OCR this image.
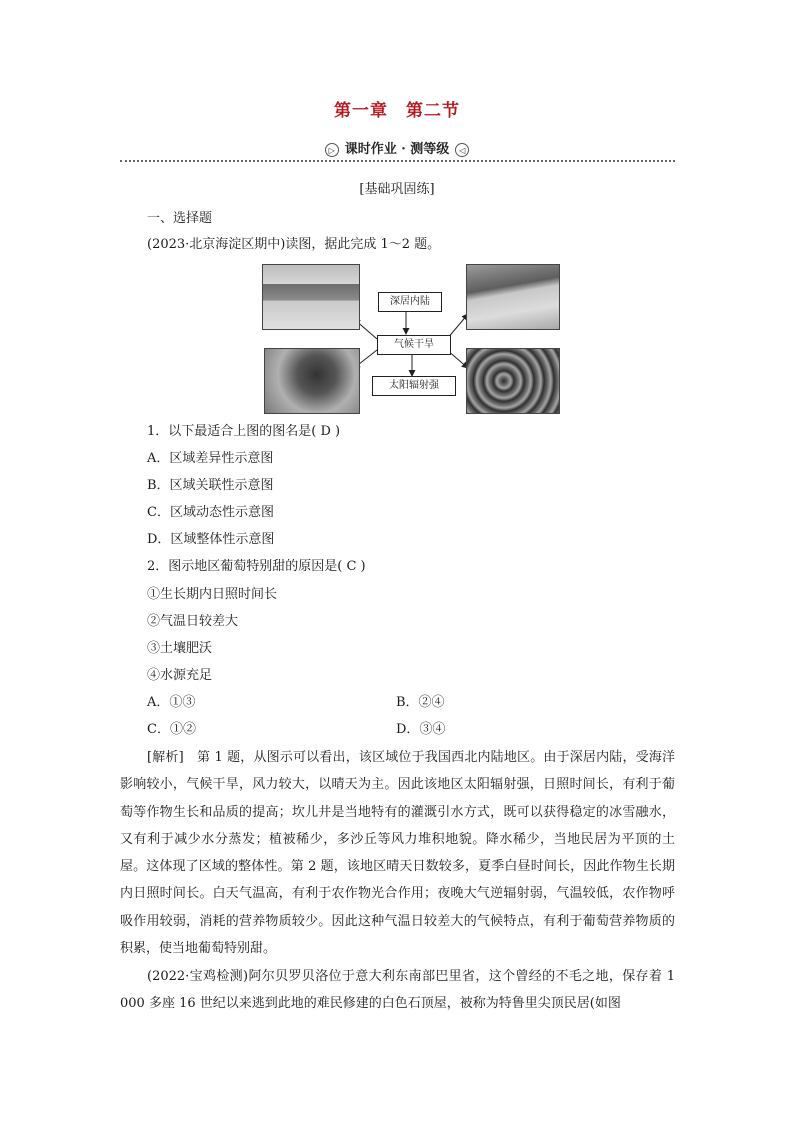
第一章　第二节
▷ 课时作业 · 测等级 ◁
[基础巩固练]
一、选择题
(2023·北京海淀区期中)读图，据此完成 1～2 题。
深居内陆
气候干旱
太阳辐射强
1．以下最适合上图的图名是( D )
A．区域差异性示意图
B．区域关联性示意图
C．区域动态性示意图
D．区域整体性示意图
2．图示地区葡萄特别甜的原因是( C )
①生长期内日照时间长
②气温日较差大
③土壤肥沃
④水源充足
A．①③	B．②④
C．①②	D．③④
[解析]　第 1 题，从图示可以看出，该区域位于我国西北内陆地区。由于深居内陆，受海洋影响较小，气候干旱，风力较大，以晴天为主。因此该地区太阳辐射强，日照时间长，有利于葡萄等作物生长和品质的提高；坎儿井是当地特有的灌溉引水方式，既可以获得稳定的冰雪融水，又有利于减少水分蒸发；植被稀少，多沙丘等风力堆积地貌。降水稀少，当地民居为平顶的土屋。这体现了区域的整体性。第 2 题，该地区晴天日数较多，夏季白昼时间长，因此作物生长期内日照时间长。白天气温高，有利于农作物光合作用；夜晚大气逆辐射弱，气温较低，农作物呼吸作用较弱，消耗的营养物质较少。因此这种气温日较差大的气候特点，有利于葡萄营养物质的积累，使当地葡萄特别甜。
(2022·宝鸡检测)阿尔贝罗贝洛位于意大利东南部巴里省，这个曾经的不毛之地，保存着 1 000 多座 16 世纪以来逃到此地的难民修建的白色石顶屋，被称为特鲁里尖顶民居(如图
